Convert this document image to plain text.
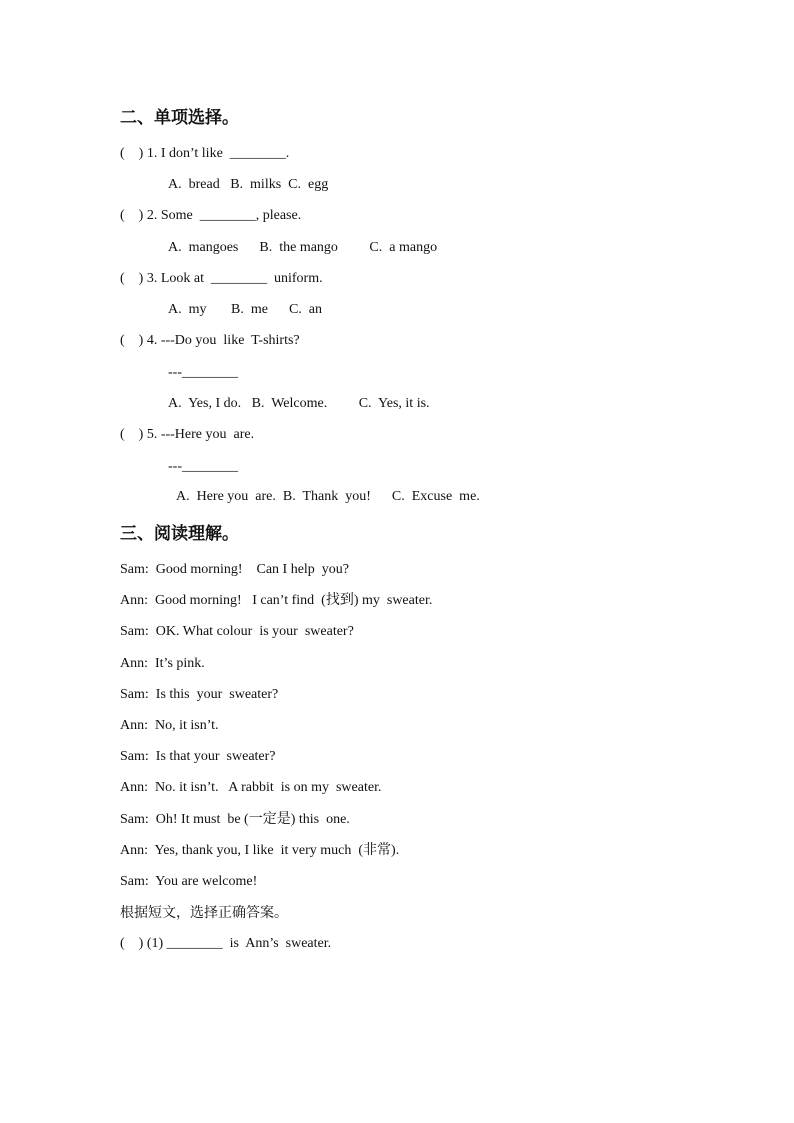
二、单项选择。
(    ) 1. I don’t like  ________.
A.  bread   B.  milks  C.  egg
(    ) 2. Some  ________, please.
A.  mangoes      B.  the mango         C.  a mango
(    ) 3. Look at  ________  uniform.
A.  my       B.  me      C.  an
(    ) 4. ---Do you  like  T-shirts?
---________
A.  Yes, I do.   B.  Welcome.         C.  Yes, it is.
(    ) 5. ---Here you  are.
---________
A.  Here you  are.  B.  Thank  you!      C.  Excuse  me.
三、阅读理解。
Sam:  Good morning!    Can I help  you?
Ann:  Good morning!   I can’t find  (找到) my  sweater.
Sam:  OK. What colour  is your  sweater?
Ann:  It’s pink.
Sam:  Is this  your  sweater?
Ann:  No, it isn’t.
Sam:  Is that your  sweater?
Ann:  No. it isn’t.   A rabbit  is on my  sweater.
Sam:  Oh! It must  be (一定是) this  one.
Ann:  Yes, thank you, I like  it very much  (非常).
Sam:  You are welcome!
根据短文，选择正确答案。
(    ) (1) ________  is  Ann’s  sweater.
